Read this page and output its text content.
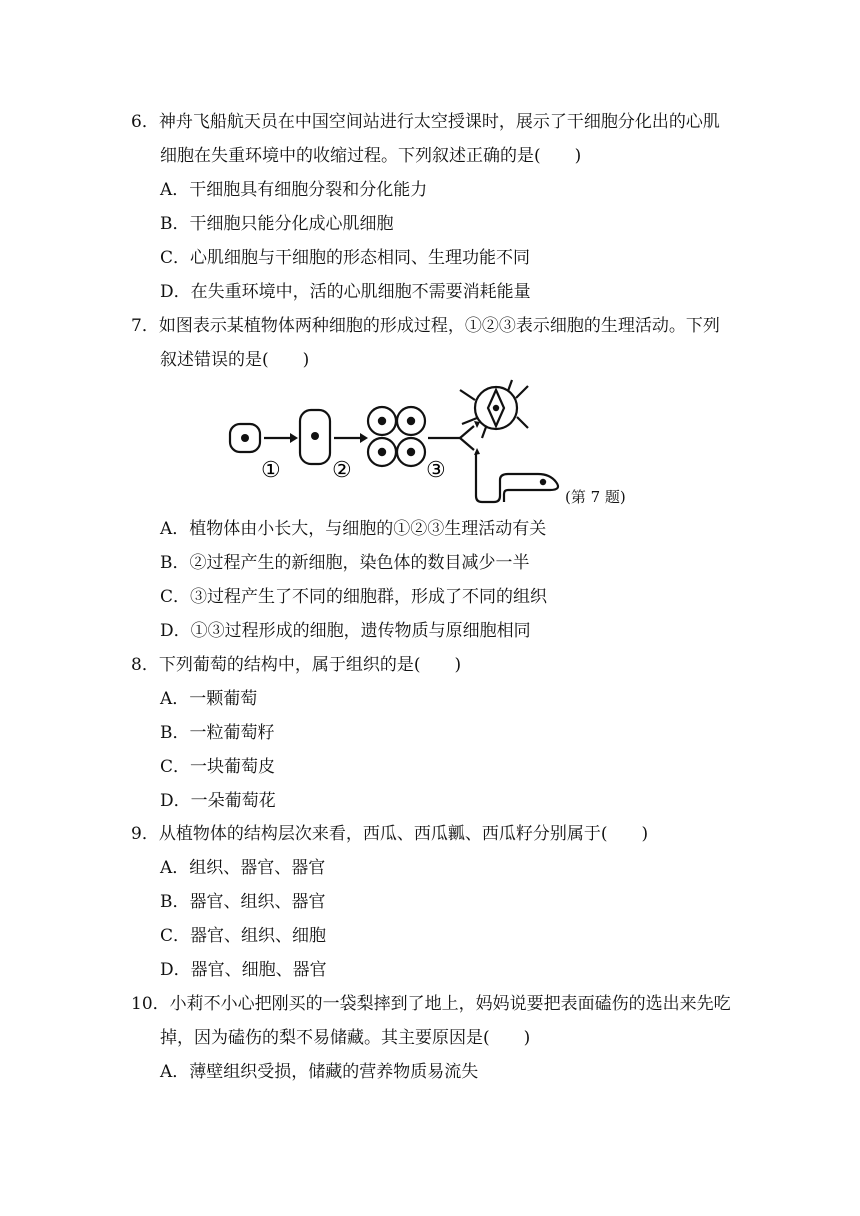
6．神舟飞船航天员在中国空间站进行太空授课时，展示了干细胞分化出的心肌
细胞在失重环境中的收缩过程。下列叙述正确的是(　　)
A．干细胞具有细胞分裂和分化能力
B．干细胞只能分化成心肌细胞
C．心肌细胞与干细胞的形态相同、生理功能不同
D．在失重环境中，活的心肌细胞不需要消耗能量
7．如图表示某植物体两种细胞的形成过程，①②③表示细胞的生理活动。下列
叙述错误的是(　　)
① ②	③
(第 7 题)
A．植物体由小长大，与细胞的①②③生理活动有关
B．②过程产生的新细胞，染色体的数目减少一半
C．③过程产生了不同的细胞群，形成了不同的组织
D．①③过程形成的细胞，遗传物质与原细胞相同
8．下列葡萄的结构中，属于组织的是(　　)
A．一颗葡萄
B．一粒葡萄籽
C．一块葡萄皮
D．一朵葡萄花
9．从植物体的结构层次来看，西瓜、西瓜瓤、西瓜籽分别属于(　　)
A．组织、器官、器官
B．器官、组织、器官
C．器官、组织、细胞
D．器官、细胞、器官
10．小莉不小心把刚买的一袋梨摔到了地上，妈妈说要把表面磕伤的选出来先吃
掉，因为磕伤的梨不易储藏。其主要原因是(　　)
A．薄壁组织受损，储藏的营养物质易流失
